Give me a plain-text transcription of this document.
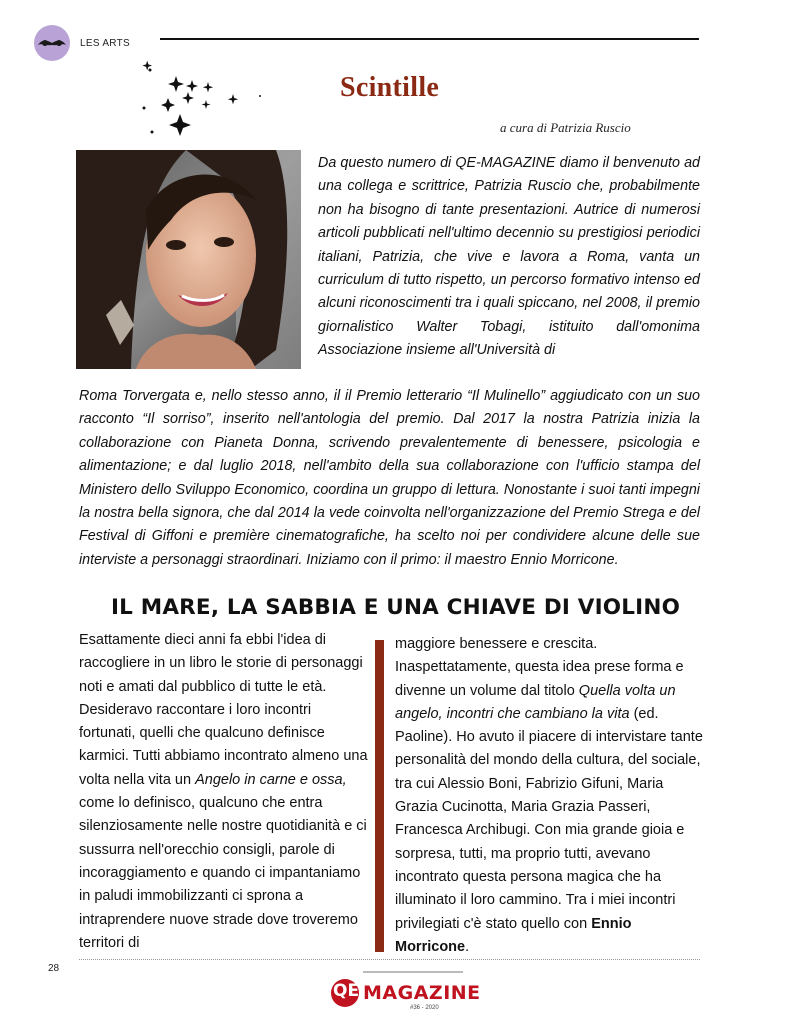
LES ARTS
Scintille
a cura di Patrizia Ruscio
Da questo numero di QE-MAGAZINE diamo il benvenuto ad una collega e scrittrice, Patrizia Ruscio che, probabilmente non ha bisogno di tante presentazioni. Autrice di numerosi articoli pubblicati nell'ultimo decennio su prestigiosi periodici italiani, Patrizia, che vive e lavora a Roma, vanta un curriculum di tutto rispetto, un percorso formativo intenso ed alcuni riconoscimenti tra i quali spiccano, nel 2008, il premio giornalistico Walter Tobagi, istituito dall'omonima Associazione insieme all'Università di
Roma Torvergata e, nello stesso anno, il il Premio letterario “Il Mulinello” aggiudicato con un suo racconto “Il sorriso”, inserito nell'antologia del premio. Dal 2017 la nostra Patrizia inizia la collaborazione con Pianeta Donna, scrivendo prevalentemente di benessere, psicologia e alimentazione; e dal luglio 2018, nell'ambito della sua collaborazione con l'ufficio stampa del Ministero dello Sviluppo Economico, coordina un gruppo di lettura. Nonostante i suoi tanti impegni la nostra bella signora, che dal 2014 la vede coinvolta nell'organizzazione del Premio Strega e del Festival di Giffoni e première cinematografiche, ha scelto noi per condividere alcune delle sue interviste a personaggi straordinari. Iniziamo con il primo: il maestro Ennio Morricone.
IL MARE, LA SABBIA E UNA CHIAVE DI VIOLINO
Esattamente dieci anni fa ebbi l'idea di raccogliere in un libro le storie di personaggi noti e amati dal pubblico di tutte le età. Desideravo raccontare i loro incontri fortunati, quelli che qualcuno definisce karmici. Tutti abbiamo incontrato almeno una volta nella vita un Angelo in carne e ossa, come lo definisco, qualcuno che entra silenziosamente nelle nostre quotidianità e ci sussurra nell'orecchio consigli, parole di incoraggiamento e quando ci impantaniamo in paludi immobilizzanti ci sprona a intraprendere nuove strade dove troveremo territori di
maggiore benessere e crescita. Inaspettatamente, questa idea prese forma e divenne un volume dal titolo Quella volta un angelo, incontri che cambiano la vita (ed. Paoline). Ho avuto il piacere di intervistare tante personalità del mondo della cultura, del sociale, tra cui Alessio Boni, Fabrizio Gifuni, Maria Grazia Cucinotta, Maria Grazia Passeri, Francesca Archibugi. Con mia grande gioia e sorpresa, tutti, ma proprio tutti, avevano incontrato questa persona magica che ha illuminato il loro cammino. Tra i miei incontri privilegiati c'è stato quello con Ennio Morricone.
28
QE-
MAGAZINE
#36 - 2020
